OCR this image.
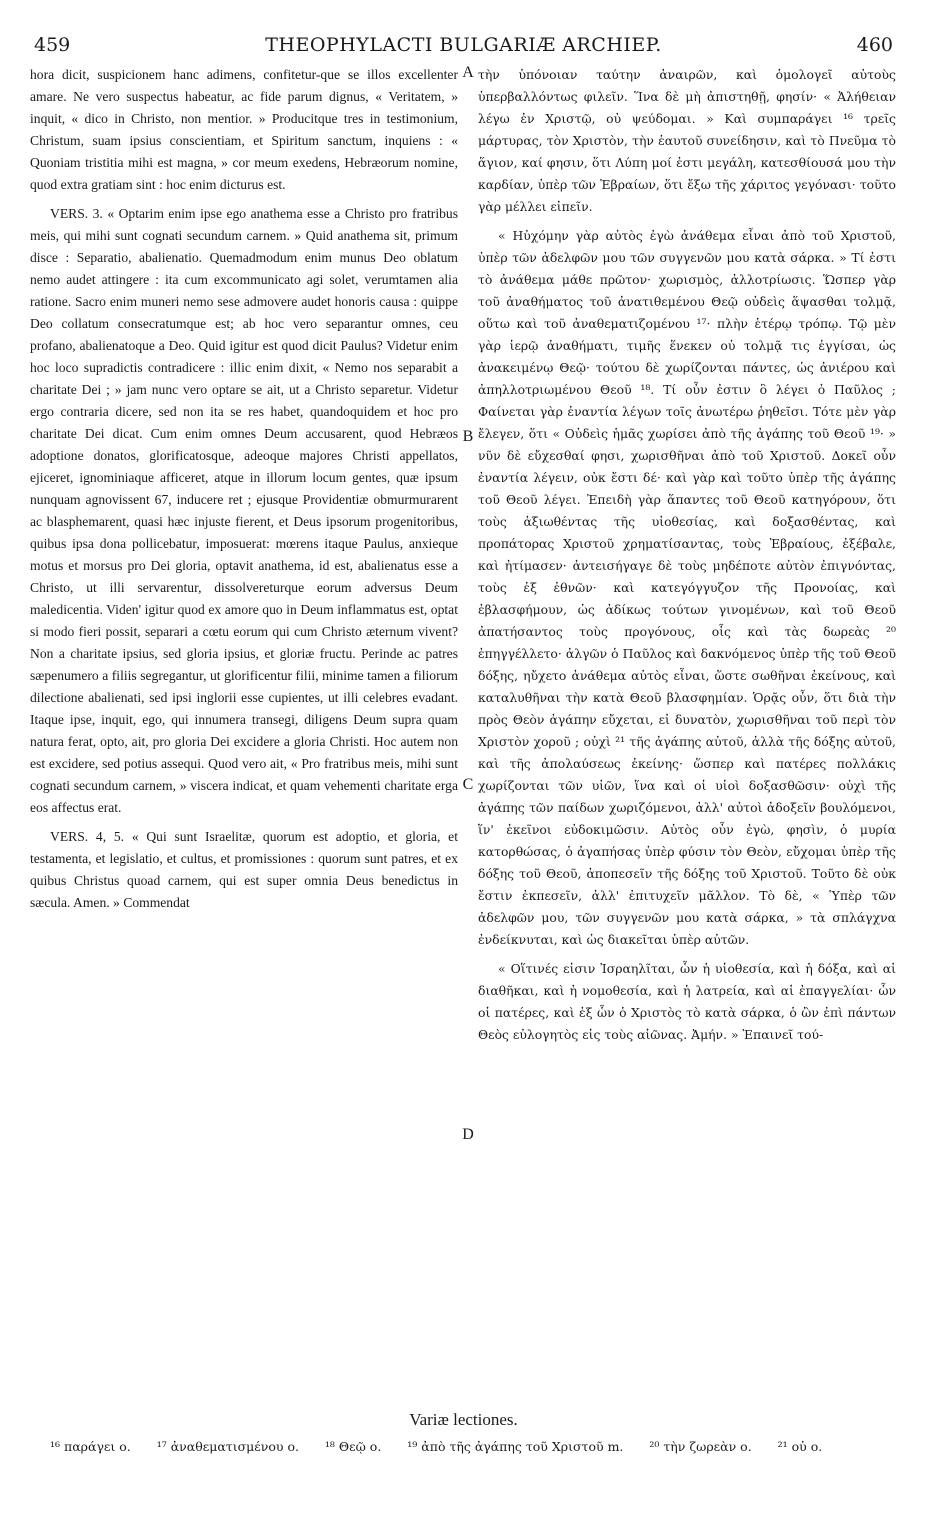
459	THEOPHYLACTI BULGARIÆ ARCHIEP.	460

hora dicit, suspicionem hanc adimens, confitetur-que se illos excellenter amare. Ne vero suspectus habeatur, ac fide parum dignus, « Veritatem, » inquit, « dico in Christo, non mentior. » Producitque tres in testimonium, Christum, suam ipsius conscientiam, et Spiritum sanctum, inquiens : « Quoniam tristitia mihi est magna, » cor meum exedens, Hebræorum nomine, quod extra gratiam sint : hoc enim dicturus est.

VERS. 3. « Optarim enim ipse ego anathema esse a Christo pro fratribus meis, qui mihi sunt cognati secundum carnem. » Quid anathema sit, primum disce : Separatio, abalienatio. Quemadmodum enim munus Deo oblatum nemo audet attingere : ita cum excommunicato agi solet, verumtamen alia ratione. Sacro enim muneri nemo sese admovere audet honoris causa : quippe Deo collatum consecratumque est; ab hoc vero separantur omnes, ceu profano, abalienatoque a Deo. Quid igitur est quod dicit Paulus? Videtur enim hoc loco supradictis contradicere : illic enim dixit, « Nemo nos separabit a charitate Dei ; » jam nunc vero optare se ait, ut a Christo separetur. Videtur ergo contraria dicere, sed non ita se res habet, quandoquidem et hoc pro charitate Dei dicat. Cum enim omnes Deum accusarent, quod Hebræos adoptione donatos, glorificatosque, adeoque majores Christi appellatos, ejiceret, ignominiaque afficeret, atque in illorum locum gentes, quæ ipsum nunquam agnovissent 67, inducere ret ; ejusque Providentiæ obmurmurarent ac blasphemarent, quasi hæc injuste fierent, et Deus ipsorum progenitoribus, quibus ipsa dona pollicebatur, imposuerat: mœrens itaque Paulus, anxieque motus et morsus pro Dei gloria, optavit anathema, id est, abalienatus esse a Christo, ut illi servarentur, dissolvereturque eorum adversus Deum maledicentia. Viden' igitur quod ex amore quo in Deum inflammatus est, optat si modo fieri possit, separari a cœtu eorum qui cum Christo æternum vivent? Non a charitate ipsius, sed gloria ipsius, et gloriæ fructu. Perinde ac patres sæpenumero a filiis segregantur, ut glorificentur filii, minime tamen a filiorum dilectione abalienati, sed ipsi inglorii esse cupientes, ut illi celebres evadant. Itaque ipse, inquit, ego, qui innumera transegi, diligens Deum supra quam natura ferat, opto, ait, pro gloria Dei excidere a gloria Christi. Hoc autem non est excidere, sed potius assequi. Quod vero ait, « Pro fratribus meis, mihi sunt cognati secundum carnem, » viscera indicat, et quam vehementi charitate erga eos affectus erat.

VERS. 4, 5. « Qui sunt Israelitæ, quorum est adoptio, et gloria, et testamenta, et legislatio, et cultus, et promissiones : quorum sunt patres, et ex quibus Christus quoad carnem, qui est super omnia Deus benedictus in sæcula. Amen. » Commendat

A
B
C
D

τὴν ὑπόνοιαν ταύτην ἀναιρῶν, καὶ ὁμολογεῖ αὐτοὺς ὑπερβαλλόντως φιλεῖν. Ἵνα δὲ μὴ ἀπιστηθῇ, φησίν· « Ἀλήθειαν λέγω ἐν Χριστῷ, οὐ ψεύδομαι. » Καὶ συμπαράγει ¹⁶ τρεῖς μάρτυρας, τὸν Χριστὸν, τὴν ἑαυτοῦ συνείδησιν, καὶ τὸ Πνεῦμα τὸ ἅγιον, καί φησιν, ὅτι Λύπη μοί ἐστι μεγάλη, κατεσθίουσά μου τὴν καρδίαν, ὑπὲρ τῶν Ἑβραίων, ὅτι ἔξω τῆς χάριτος γεγόνασι· τοῦτο γὰρ μέλλει εἰπεῖν.

« Ηὐχόμην γὰρ αὐτὸς ἐγὼ ἀνάθεμα εἶναι ἀπὸ τοῦ Χριστοῦ, ὑπὲρ τῶν ἀδελφῶν μου τῶν συγγενῶν μου κατὰ σάρκα. » Τί ἐστι τὸ ἀνάθεμα μάθε πρῶτον· χωρισμὸς, ἀλλοτρίωσις. Ὥσπερ γὰρ τοῦ ἀναθήματος τοῦ ἀνατιθεμένου Θεῷ οὐδεὶς ἅψασθαι τολμᾷ, οὕτω καὶ τοῦ ἀναθεματιζομένου ¹⁷· πλὴν ἑτέρῳ τρόπῳ. Τῷ μὲν γὰρ ἱερῷ ἀναθήματι, τιμῆς ἕνεκεν οὐ τολμᾷ τις ἐγγίσαι, ὡς ἀνακειμένῳ Θεῷ· τούτου δὲ χωρίζονται πάντες, ὡς ἀνιέρου καὶ ἀπηλλοτριωμένου Θεοῦ ¹⁸. Τί οὖν ἐστιν ὃ λέγει ὁ Παῦλος ; Φαίνεται γὰρ ἐναντία λέγων τοῖς ἀνωτέρω ῥηθεῖσι. Τότε μὲν γὰρ ἔλεγεν, ὅτι « Οὐδεὶς ἡμᾶς χωρίσει ἀπὸ τῆς ἀγάπης τοῦ Θεοῦ ¹⁹· » νῦν δὲ εὔχεσθαί φησι, χωρισθῆναι ἀπὸ τοῦ Χριστοῦ. Δοκεῖ οὖν ἐναντία λέγειν, οὐκ ἔστι δέ· καὶ γὰρ καὶ τοῦτο ὑπὲρ τῆς ἀγάπης τοῦ Θεοῦ λέγει. Ἐπειδὴ γὰρ ἅπαντες τοῦ Θεοῦ κατηγόρουν, ὅτι τοὺς ἀξιωθέντας τῆς υἱοθεσίας, καὶ δοξασθέντας, καὶ προπάτορας Χριστοῦ χρηματίσαντας, τοὺς Ἑβραίους, ἐξέβαλε, καὶ ἠτίμασεν· ἀντεισήγαγε δὲ τοὺς μηδέποτε αὐτὸν ἐπιγνόντας, τοὺς ἐξ ἐθνῶν· καὶ κατεγόγγυζον τῆς Προνοίας, καὶ ἐβλασφήμουν, ὡς ἀδίκως τούτων γινομένων, καὶ τοῦ Θεοῦ ἀπατήσαντος τοὺς προγόνους, οἷς καὶ τὰς δωρεὰς ²⁰ ἐπηγγέλλετο· ἀλγῶν ὁ Παῦλος καὶ δακνόμενος ὑπὲρ τῆς τοῦ Θεοῦ δόξης, ηὔχετο ἀνάθεμα αὐτὸς εἶναι, ὥστε σωθῆναι ἐκείνους, καὶ καταλυθῆναι τὴν κατὰ Θεοῦ βλασφημίαν. Ὁρᾷς οὖν, ὅτι διὰ τὴν πρὸς Θεὸν ἀγάπην εὔχεται, εἰ δυνατὸν, χωρισθῆναι τοῦ περὶ τὸν Χριστὸν χοροῦ ; οὐχὶ ²¹ τῆς ἀγάπης αὐτοῦ, ἀλλὰ τῆς δόξης αὐτοῦ, καὶ τῆς ἀπολαύσεως ἐκείνης· ὥσπερ καὶ πατέρες πολλάκις χωρίζονται τῶν υἱῶν, ἵνα καὶ οἱ υἱοὶ δοξασθῶσιν· οὐχὶ τῆς ἀγάπης τῶν παίδων χωριζόμενοι, ἀλλ' αὐτοὶ ἀδοξεῖν βουλόμενοι, ἵν' ἐκεῖνοι εὐδοκιμῶσιν. Αὐτὸς οὖν ἐγὼ, φησὶν, ὁ μυρία κατορθώσας, ὁ ἀγαπήσας ὑπὲρ φύσιν τὸν Θεὸν, εὔχομαι ὑπὲρ τῆς δόξης τοῦ Θεοῦ, ἀποπεσεῖν τῆς δόξης τοῦ Χριστοῦ. Τοῦτο δὲ οὐκ ἔστιν ἐκπεσεῖν, ἀλλ' ἐπιτυχεῖν μᾶλλον. Τὸ δὲ, « Ὑπὲρ τῶν ἀδελφῶν μου, τῶν συγγενῶν μου κατὰ σάρκα, » τὰ σπλάγχνα ἐνδείκνυται, καὶ ὡς διακεῖται ὑπὲρ αὐτῶν.

« Οἵτινές εἰσιν Ἰσραηλῖται, ὧν ἡ υἱοθεσία, καὶ ἡ δόξα, καὶ αἱ διαθῆκαι, καὶ ἡ νομοθεσία, καὶ ἡ λατρεία, καὶ αἱ ἐπαγγελίαι· ὧν οἱ πατέρες, καὶ ἐξ ὧν ὁ Χριστὸς τὸ κατὰ σάρκα, ὁ ὢν ἐπὶ πάντων Θεὸς εὐλογητὸς εἰς τοὺς αἰῶνας. Ἀμήν. » Ἐπαινεῖ τού-

Variæ lectiones.
¹⁶ παράγει ο. ¹⁷ ἀναθεματισμένου ο. ¹⁸ Θεῷ ο. ¹⁹ ἀπὸ τῆς ἀγάπης τοῦ Χριστοῦ m. ²⁰ τὴν ζωρεὰν ο. ²¹ οὐ ο.
